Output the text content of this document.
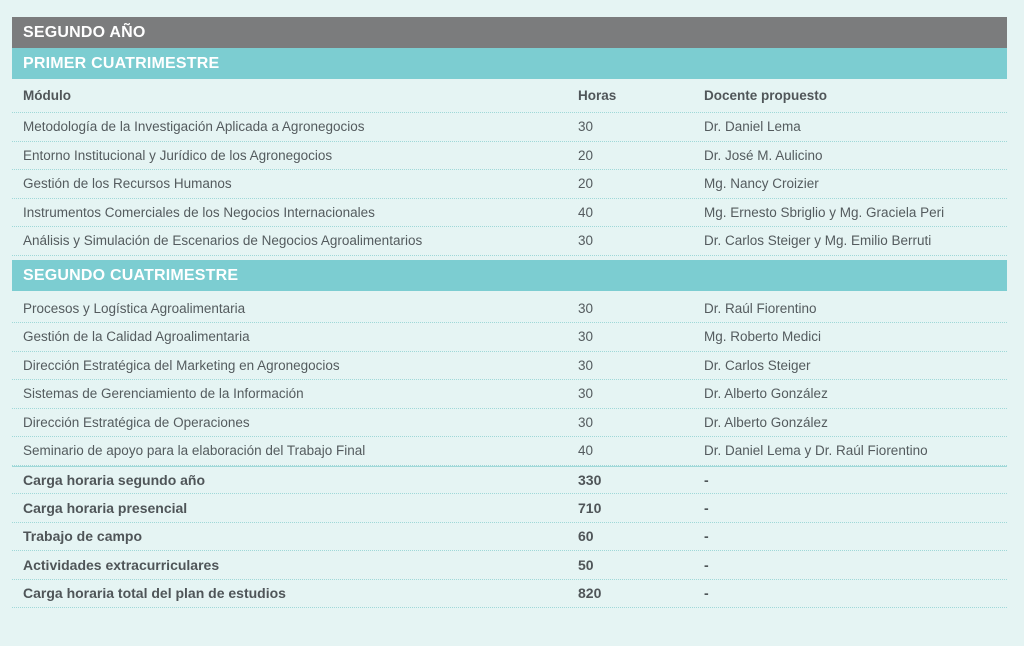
SEGUNDO AÑO
PRIMER CUATRIMESTRE
Módulo	Horas	Docente propuesto
Metodología de la Investigación Aplicada a Agronegocios	30	Dr. Daniel Lema
Entorno Institucional y Jurídico de los Agronegocios	20	Dr. José M. Aulicino
Gestión de los Recursos Humanos	20	Mg. Nancy Croizier
Instrumentos Comerciales de los Negocios Internacionales	40	Mg. Ernesto Sbriglio y Mg. Graciela Peri
Análisis y Simulación de Escenarios de Negocios Agroalimentarios	30	Dr. Carlos Steiger y Mg. Emilio Berruti
SEGUNDO CUATRIMESTRE
Procesos y Logística Agroalimentaria	30	Dr. Raúl Fiorentino
Gestión de la Calidad Agroalimentaria	30	Mg. Roberto Medici
Dirección Estratégica del Marketing en Agronegocios	30	Dr. Carlos Steiger
Sistemas de Gerenciamiento de la Información	30	Dr. Alberto González
Dirección Estratégica de Operaciones	30	Dr. Alberto González
Seminario de apoyo para la elaboración del Trabajo Final	40	Dr. Daniel Lema y Dr. Raúl Fiorentino
Carga horaria segundo año	330	-
Carga horaria presencial	710	-
Trabajo de campo	60	-
Actividades extracurriculares	50	-
Carga horaria total del plan de estudios	820	-
